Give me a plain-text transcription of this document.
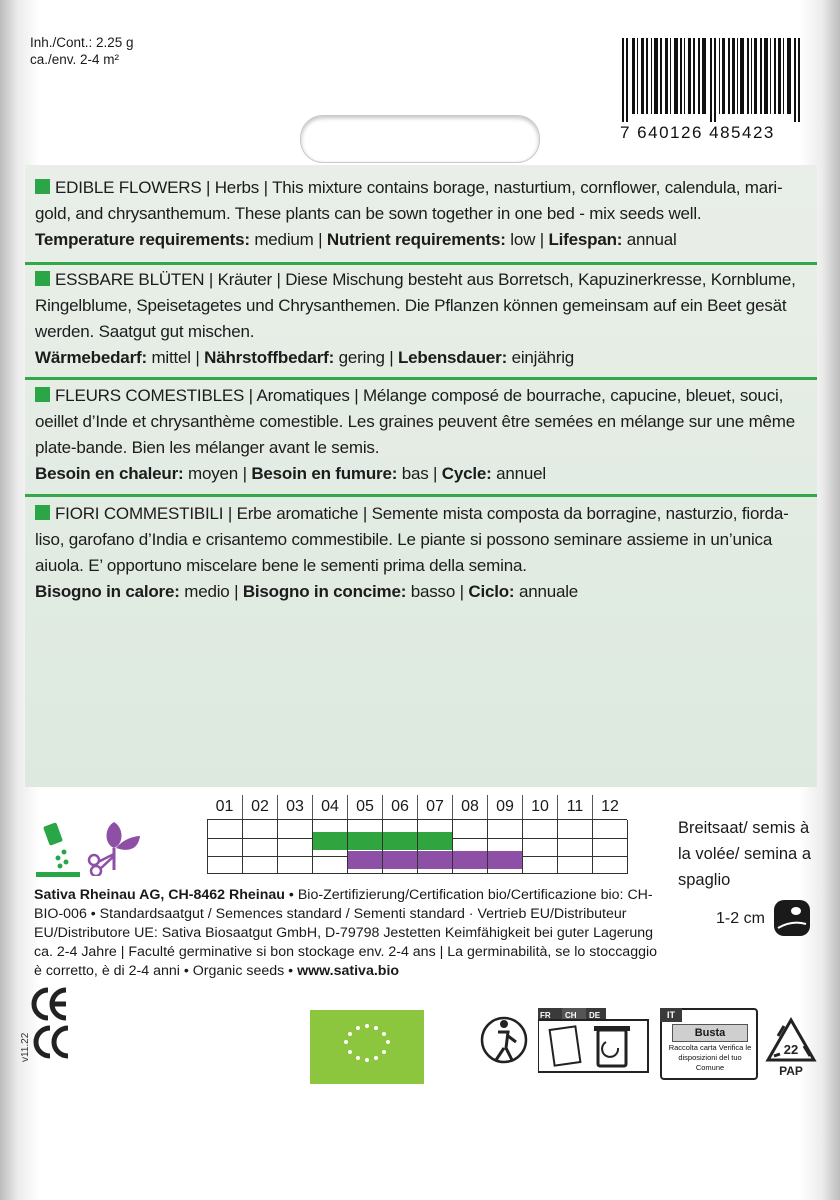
Inh./Cont.: 2.25 g
ca./env. 2-4 m²
7 640126 485423
EDIBLE FLOWERS | Herbs | This mixture contains borage, nasturtium, cornflower, calendula, mari-gold, and chrysanthemum. These plants can be sown together in one bed - mix seeds well.
Temperature requirements: medium | Nutrient requirements: low | Lifespan: annual
ESSBARE BLÜTEN | Kräuter | Diese Mischung besteht aus Borretsch, Kapuzinerkresse, Kornblume, Ringelblume, Speisetagetes und Chrysanthemen. Die Pflanzen können gemeinsam auf ein Beet gesät werden. Saatgut gut mischen.
Wärmebedarf: mittel | Nährstoffbedarf: gering | Lebensdauer: einjährig
FLEURS COMESTIBLES | Aromatiques | Mélange composé de bourrache, capucine, bleuet, souci, oeillet d’Inde et chrysanthème comestible. Les graines peuvent être semées en mélange sur une même plate-bande. Bien les mélanger avant le semis.
Besoin en chaleur: moyen | Besoin en fumure: bas | Cycle: annuel
FIORI COMMESTIBILI | Erbe aromatiche | Semente mista composta da borragine, nasturzio, fiorda-liso, garofano d’India e crisantemo commestibile. Le piante si possono seminare assieme in un’unica aiuola. E’ opportuno miscelare bene le sementi prima della semina.
Bisogno in calore: medio | Bisogno in concime: basso | Ciclo: annuale
01	02	03	04	05	06	07	08	09	10	11	12
Sativa Rheinau AG, CH-8462 Rheinau • Bio-Zertifizierung/Certification bio/Certificazione bio: CH-BIO-006 • Standardsaatgut / Semences standard / Sementi standard · Vertrieb EU/Distributeur EU/Distributore UE: Sativa Biosaatgut GmbH, D-79798 Jestetten Keimfähigkeit bei guter Lagerung ca. 2-4 Jahre | Faculté germinative si bon stockage env. 2-4 ans | La germinabilità, se lo stoccaggio è corretto, è di 2-4 anni • Organic seeds • www.sativa.bio
Breitsaat/ semis à la volée/ semina a spaglio
1-2 cm
CE
v11.22
FR CH DE	IT
Busta
Raccolta carta Verifica le disposizioni del tuo Comune
22
PAP
